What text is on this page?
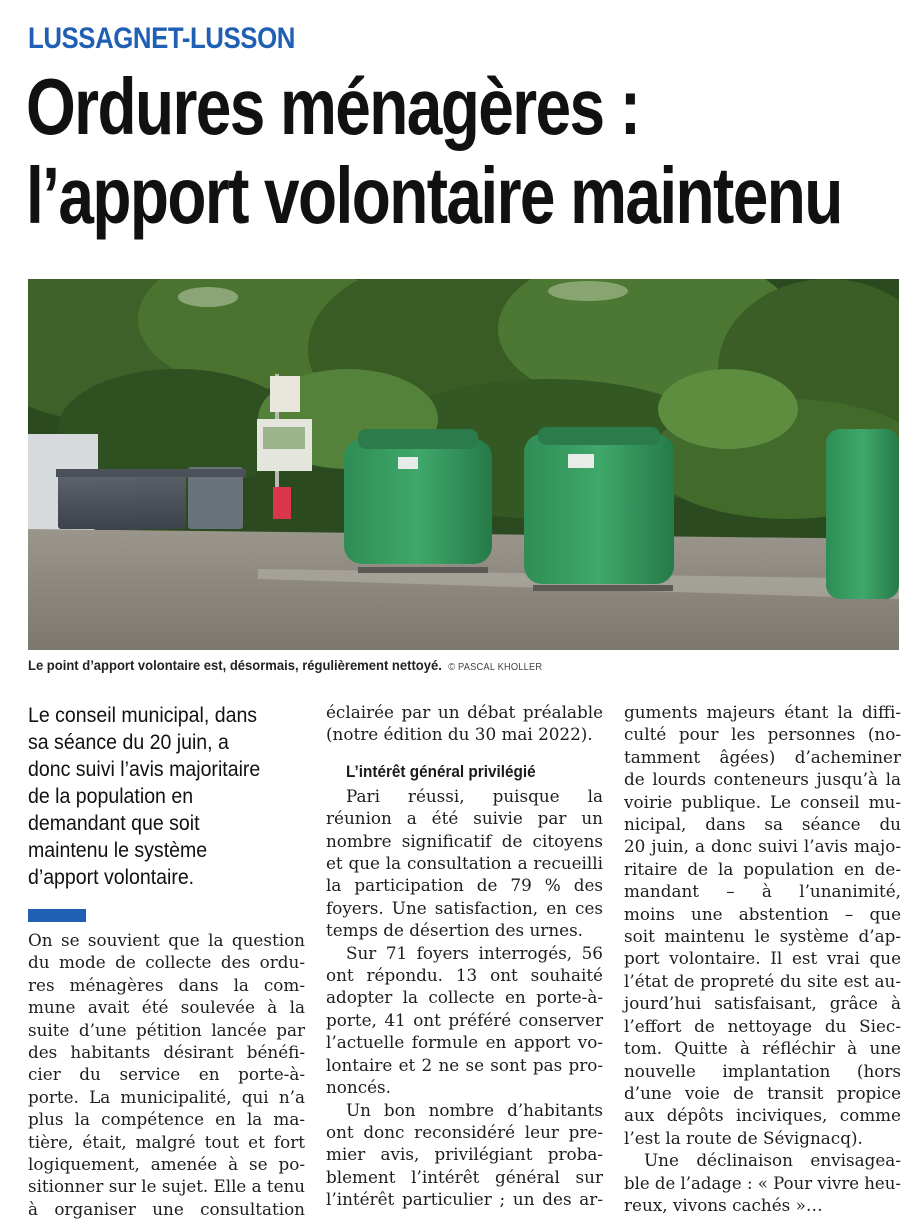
LUSSAGNET-LUSSON
Ordures ménagères :
l’apport volontaire maintenu
Le point d’apport volontaire est, désormais, régulièrement nettoyé. © PASCAL KHOLLER
Le conseil municipal, dans
sa séance du 20 juin, a
donc suivi l’avis majoritaire
de la population en
demandant que soit
maintenu le système
d’apport volontaire.
On se souvient que la question
du mode de collecte des ordu-
res ménagères dans la com-
mune avait été soulevée à la
suite d’une pétition lancée par
des habitants désirant bénéfi-
cier du service en porte-à-
porte. La municipalité, qui n’a
plus la compétence en la ma-
tière, était, malgré tout et fort
logiquement, amenée à se po-
sitionner sur le sujet. Elle a tenu
à organiser une consultation
éclairée par un débat préalable
(notre édition du 30 mai 2022).
L’intérêt général privilégié
Pari réussi, puisque la
réunion a été suivie par un
nombre significatif de citoyens
et que la consultation a recueilli
la participation de 79 % des
foyers. Une satisfaction, en ces
temps de désertion des urnes.
Sur 71 foyers interrogés, 56
ont répondu. 13 ont souhaité
adopter la collecte en porte-à-
porte, 41 ont préféré conserver
l’actuelle formule en apport vo-
lontaire et 2 ne se sont pas pro-
noncés.
Un bon nombre d’habitants
ont donc reconsidéré leur pre-
mier avis, privilégiant proba-
blement l’intérêt général sur
l’intérêt particulier ; un des ar-
guments majeurs étant la diffi-
culté pour les personnes (no-
tamment âgées) d’acheminer
de lourds conteneurs jusqu’à la
voirie publique. Le conseil mu-
nicipal, dans sa séance du
20 juin, a donc suivi l’avis majo-
ritaire de la population en de-
mandant – à l’unanimité,
moins une abstention – que
soit maintenu le système d’ap-
port volontaire. Il est vrai que
l’état de propreté du site est au-
jourd’hui satisfaisant, grâce à
l’effort de nettoyage du Siec-
tom. Quitte à réfléchir à une
nouvelle implantation (hors
d’une voie de transit propice
aux dépôts inciviques, comme
l’est la route de Sévignacq).
Une déclinaison envisagea-
ble de l’adage : « Pour vivre heu-
reux, vivons cachés »…
